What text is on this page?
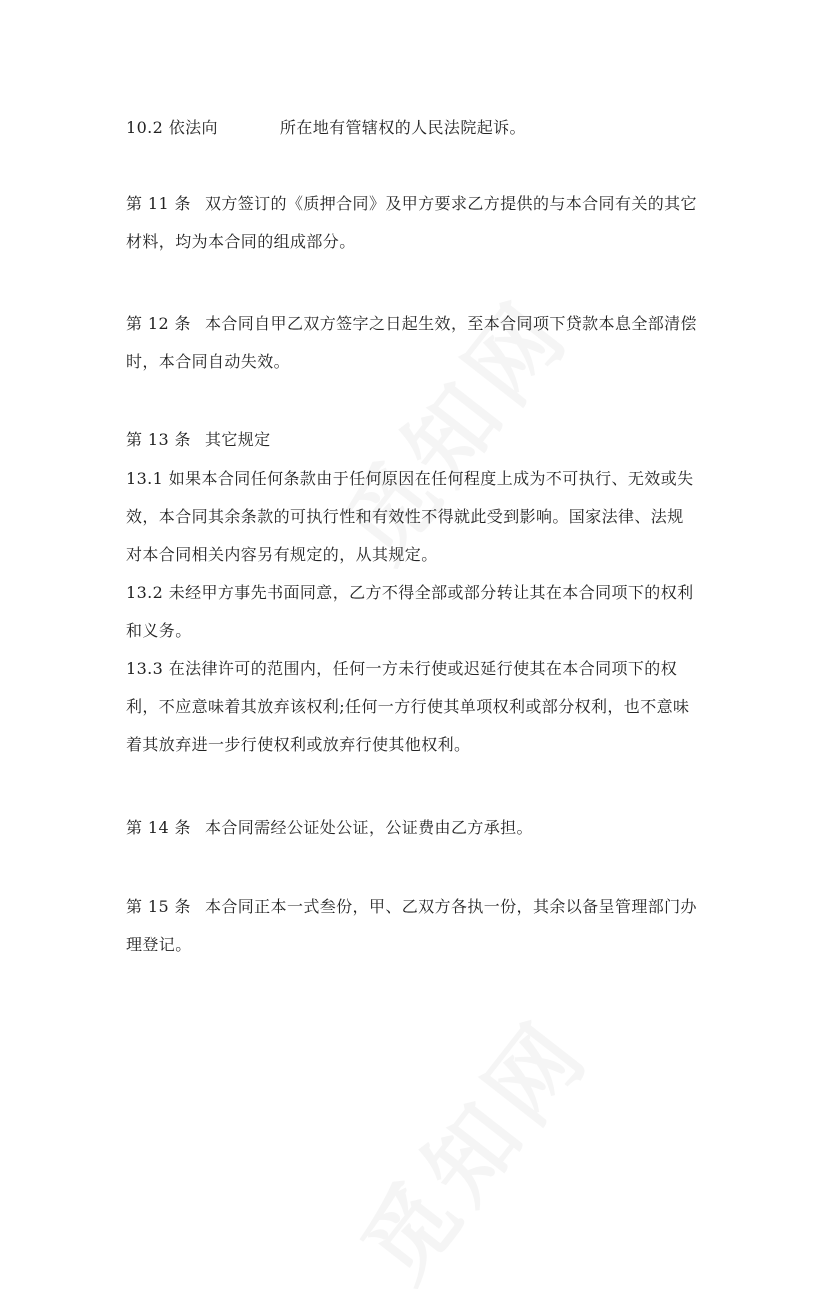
10.2 依法向	所在地有管辖权的人民法院起诉。
第 11 条 双方签订的《质押合同》及甲方要求乙方提供的与本合同有关的其它
材料，均为本合同的组成部分。
第 12 条 本合同自甲乙双方签字之日起生效，至本合同项下贷款本息全部清偿
时，本合同自动失效。
第 13 条 其它规定
13.1 如果本合同任何条款由于任何原因在任何程度上成为不可执行、无效或失
效，本合同其余条款的可执行性和有效性不得就此受到影响。国家法律、法规
对本合同相关内容另有规定的，从其规定。
13.2 未经甲方事先书面同意，乙方不得全部或部分转让其在本合同项下的权利
和义务。
13.3 在法律许可的范围内，任何一方未行使或迟延行使其在本合同项下的权
利，不应意味着其放弃该权利;任何一方行使其单项权利或部分权利，也不意味
着其放弃进一步行使权利或放弃行使其他权利。
第 14 条 本合同需经公证处公证，公证费由乙方承担。
第 15 条 本合同正本一式叁份，甲、乙双方各执一份，其余以备呈管理部门办
理登记。
